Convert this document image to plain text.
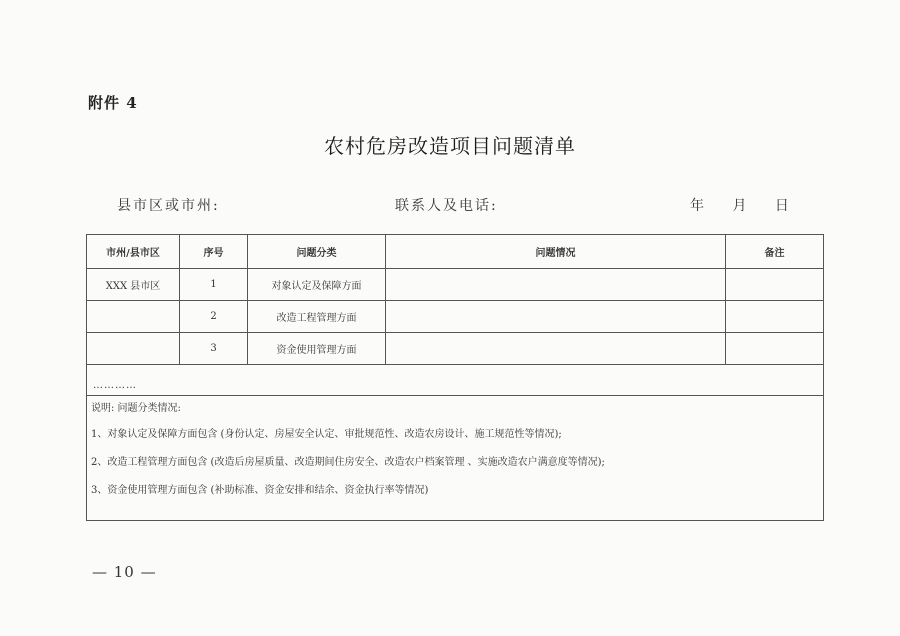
附件 4
农村危房改造项目问题清单
县市区或市州:	联系人及电话:	年 月 日
市州/县市区	序号	问题分类	问题情况	备注
XXX 县市区	1	对象认定及保障方面		
	2	改造工程管理方面		
	3	资金使用管理方面		
…………				

说明: 问题分类情况:
1、对象认定及保障方面包含 (身份认定、房屋安全认定、审批规范性、改造农房设计、施工规范性等情况);
2、改造工程管理方面包含 (改造后房屋质量、改造期间住房安全、改造农户档案管理 、实施改造农户满意度等情况);
3、资金使用管理方面包含 (补助标准、资金安排和结余、资金执行率等情况)				
— 10 —
